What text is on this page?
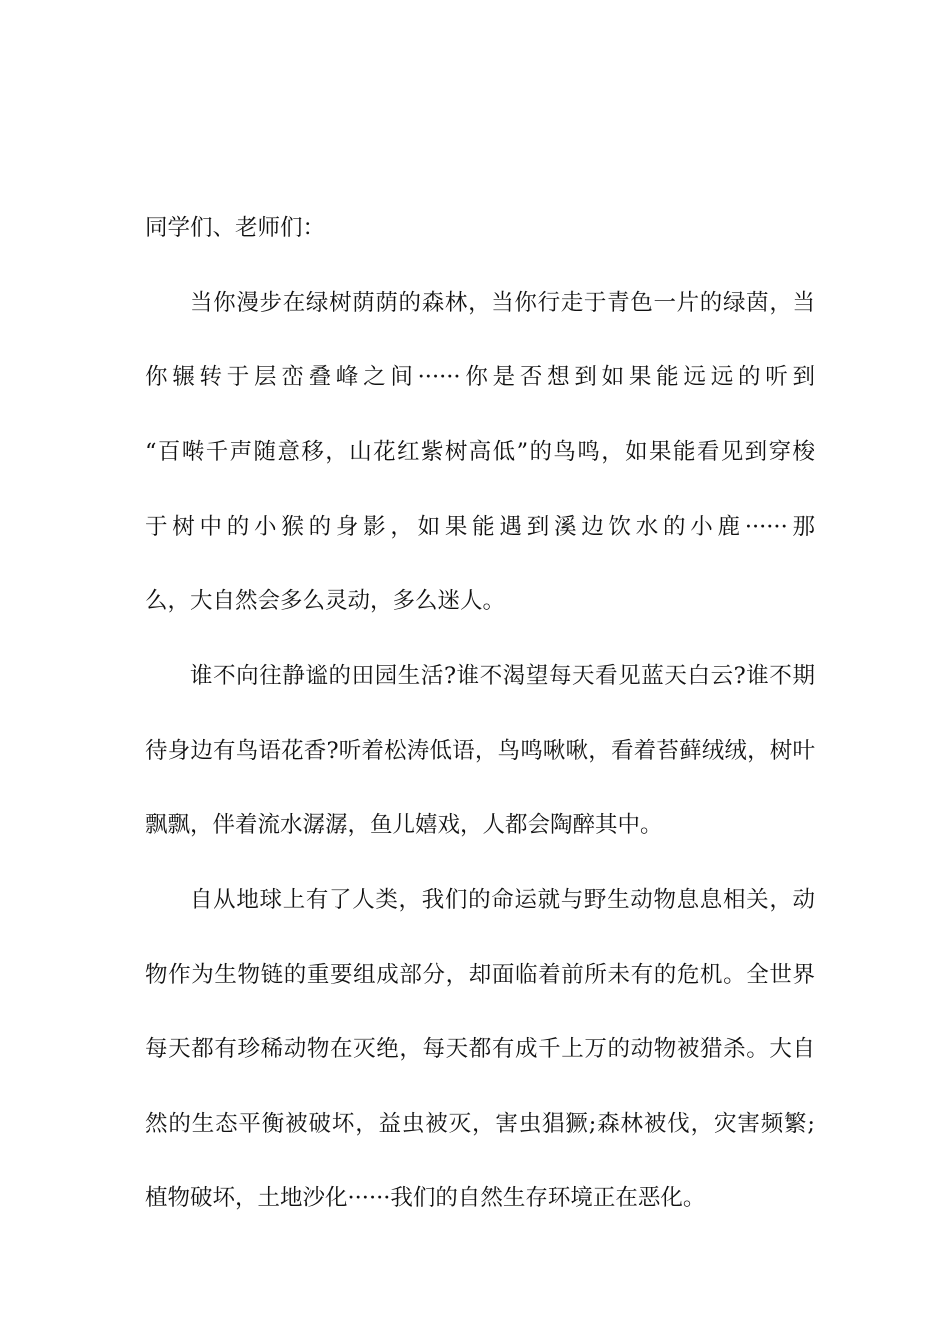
同学们、老师们：
当你漫步在绿树荫荫的森林，当你行走于青色一片的绿茵，当
你辗转于层峦叠峰之间······你是否想到如果能远远的听到
“百啭千声随意移，山花红紫树高低”的鸟鸣，如果能看见到穿梭
于树中的小猴的身影，如果能遇到溪边饮水的小鹿······那
么，大自然会多么灵动，多么迷人。
谁不向往静谧的田园生活?谁不渴望每天看见蓝天白云?谁不期
待身边有鸟语花香?听着松涛低语，鸟鸣啾啾，看着苔藓绒绒，树叶
飘飘，伴着流水潺潺，鱼儿嬉戏，人都会陶醉其中。
自从地球上有了人类，我们的命运就与野生动物息息相关，动
物作为生物链的重要组成部分，却面临着前所未有的危机。全世界
每天都有珍稀动物在灭绝，每天都有成千上万的动物被猎杀。大自
然的生态平衡被破坏，益虫被灭，害虫猖獗;森林被伐，灾害频繁;
植物破坏，土地沙化······我们的自然生存环境正在恶化。
